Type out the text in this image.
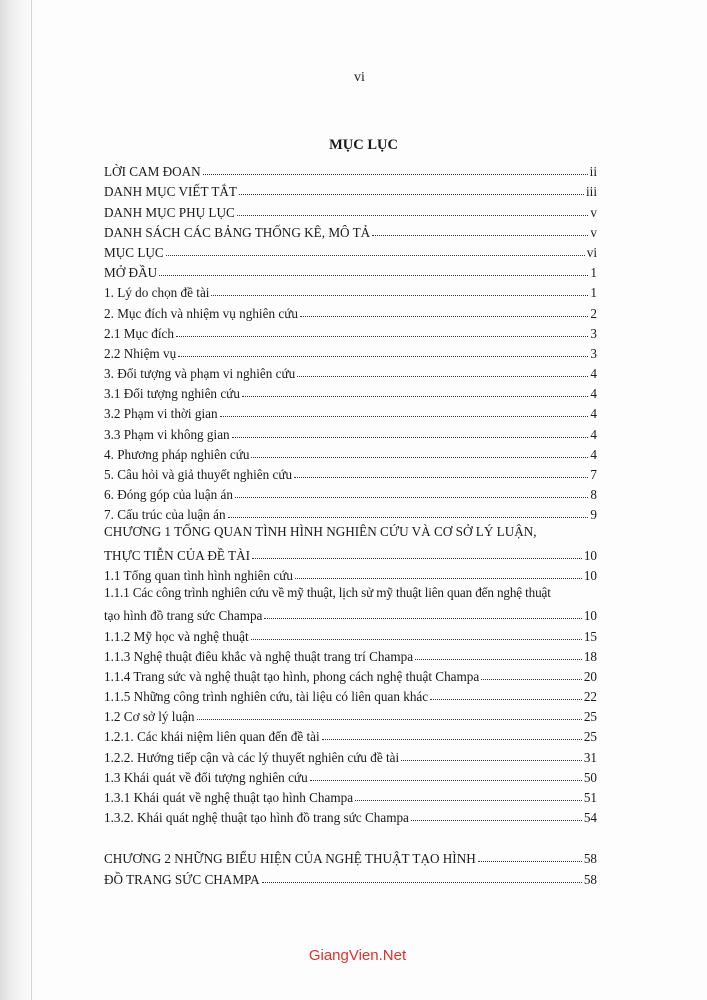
vi
MỤC LỤC
LỜI CAM ĐOAN	ii
DANH MỤC VIẾT TẮT	iii
DANH MỤC PHỤ LỤC	v
DANH SÁCH CÁC BẢNG THỐNG KÊ, MÔ TẢ	v
MỤC LỤC	vi
MỞ ĐẦU	1
1. Lý do chọn đề tài	1
2. Mục đích và nhiệm vụ nghiên cứu	2
2.1 Mục đích	3
2.2 Nhiệm vụ	3
3. Đối tượng và phạm vi nghiên cứu	4
3.1 Đối tượng nghiên cứu	4
3.2 Phạm vi thời gian	4
3.3 Phạm vi không gian	4
4. Phương pháp nghiên cứu	4
5. Câu hỏi và giả thuyết nghiên cứu	7
6. Đóng góp của luận án	8
7. Cấu trúc của luận án	9
CHƯƠNG 1 TỔNG QUAN TÌNH HÌNH NGHIÊN CỨU VÀ CƠ SỞ LÝ LUẬN,
THỰC TIỄN CỦA ĐỀ TÀI	10
1.1 Tổng quan tình hình nghiên cứu	10
1.1.1 Các công trình nghiên cứu về mỹ thuật, lịch sử mỹ thuật liên quan đến nghệ thuật
tạo hình đồ trang sức Champa	10
1.1.2 Mỹ học và nghệ thuật	15
1.1.3 Nghệ thuật điêu khắc và nghệ thuật trang trí Champa	18
1.1.4 Trang sức và nghệ thuật tạo hình, phong cách nghệ thuật Champa	20
1.1.5 Những công trình nghiên cứu, tài liệu có liên quan khác	22
1.2 Cơ sở lý luận	25
1.2.1. Các khái niệm liên quan đến đề tài	25
1.2.2. Hướng tiếp cận và các lý thuyết nghiên cứu đề tài	31
1.3 Khái quát về đối tượng nghiên cứu	50
1.3.1 Khái quát về nghệ thuật tạo hình Champa	51
1.3.2. Khái quát nghệ thuật tạo hình đồ trang sức Champa	54
CHƯƠNG 2 NHỮNG BIỂU HIỆN CỦA NGHỆ THUẬT TẠO HÌNH	58
ĐỒ TRANG SỨC CHAMPA	58
GiangVien.Net
